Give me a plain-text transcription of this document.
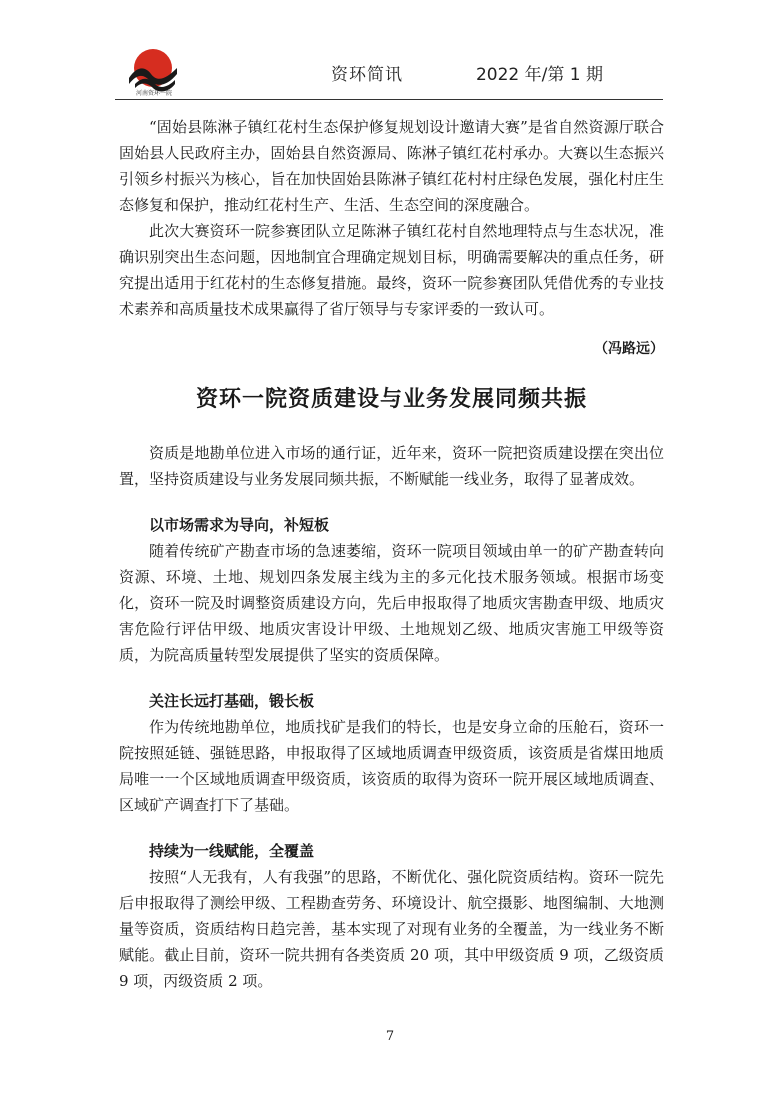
河南资环一院
资环简讯	2022 年/第 1 期

“固始县陈淋子镇红花村生态保护修复规划设计邀请大赛”是省自然资源厅联合固始县人民政府主办，固始县自然资源局、陈淋子镇红花村承办。大赛以生态振兴引领乡村振兴为核心，旨在加快固始县陈淋子镇红花村村庄绿色发展，强化村庄生态修复和保护，推动红花村生产、生活、生态空间的深度融合。

此次大赛资环一院参赛团队立足陈淋子镇红花村自然地理特点与生态状况，准确识别突出生态问题，因地制宜合理确定规划目标，明确需要解决的重点任务，研究提出适用于红花村的生态修复措施。最终，资环一院参赛团队凭借优秀的专业技术素养和高质量技术成果赢得了省厅领导与专家评委的一致认可。

（冯路远）

资环一院资质建设与业务发展同频共振

资质是地勘单位进入市场的通行证，近年来，资环一院把资质建设摆在突出位置，坚持资质建设与业务发展同频共振，不断赋能一线业务，取得了显著成效。

以市场需求为导向，补短板

随着传统矿产勘查市场的急速萎缩，资环一院项目领域由单一的矿产勘查转向资源、环境、土地、规划四条发展主线为主的多元化技术服务领域。根据市场变化，资环一院及时调整资质建设方向，先后申报取得了地质灾害勘查甲级、地质灾害危险行评估甲级、地质灾害设计甲级、土地规划乙级、地质灾害施工甲级等资质，为院高质量转型发展提供了坚实的资质保障。

关注长远打基础，锻长板

作为传统地勘单位，地质找矿是我们的特长，也是安身立命的压舱石，资环一院按照延链、强链思路，申报取得了区域地质调查甲级资质，该资质是省煤田地质局唯一一个区域地质调查甲级资质，该资质的取得为资环一院开展区域地质调查、区域矿产调查打下了基础。

持续为一线赋能，全覆盖

按照“人无我有，人有我强”的思路，不断优化、强化院资质结构。资环一院先后申报取得了测绘甲级、工程勘查劳务、环境设计、航空摄影、地图编制、大地测量等资质，资质结构日趋完善，基本实现了对现有业务的全覆盖，为一线业务不断赋能。截止目前，资环一院共拥有各类资质 20 项，其中甲级资质 9 项，乙级资质 9 项，丙级资质 2 项。

7
